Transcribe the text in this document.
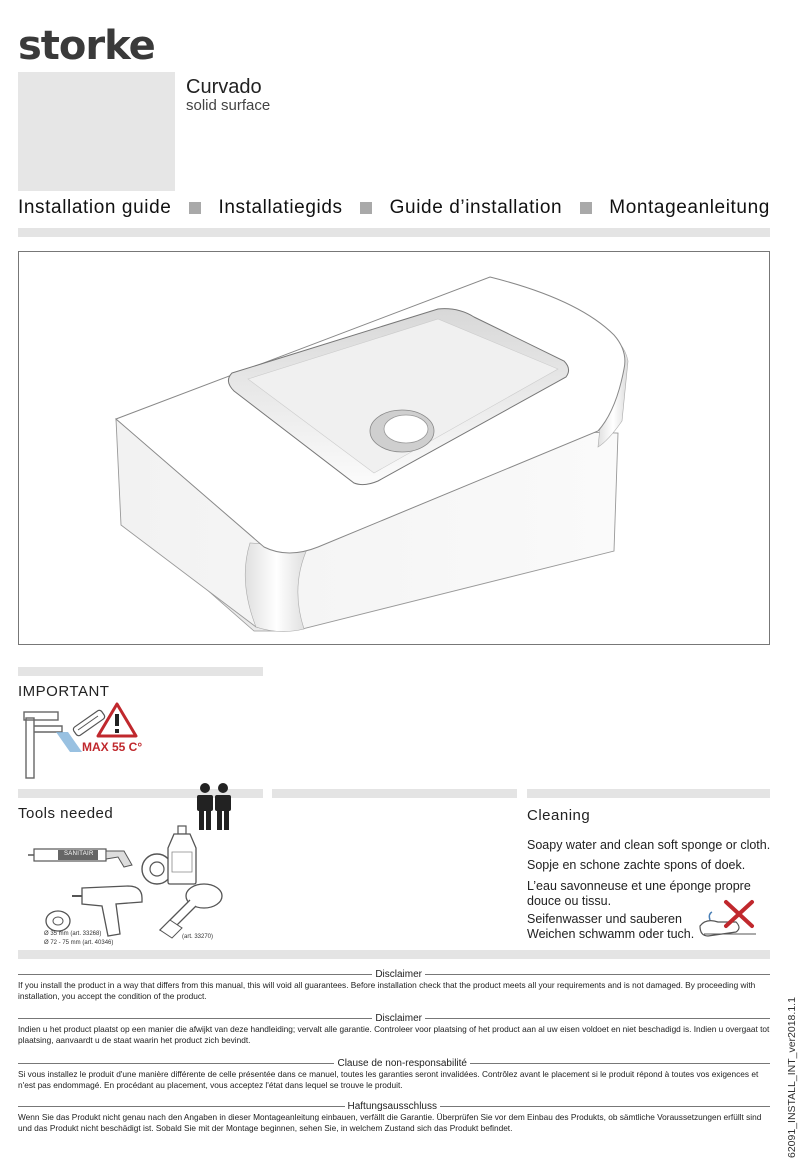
storke
Curvado
solid surface
Installation guide Installatiegids Guide d’installation Montageanleitung
IMPORTANT
MAX 55 C°
Tools needed
SANITAIR
Ø 35 mm (art. 33268)
Ø 72 - 75 mm (art. 40346)
(art. 33270)
Cleaning
Soapy water and clean soft sponge or cloth.
Sopje en schone zachte spons of doek.
L’eau savonneuse et une éponge propre
douce ou tissu.
Seifenwasser und sauberen
Weichen schwamm oder tuch.
Disclaimer
If you install the product in a way that differs from this manual, this will void all guarantees. Before installation check that the product meets all your requirements and is not damaged. By proceeding with installation, you accept the condition of the product.
Disclaimer
Indien u het product plaatst op een manier die afwijkt van deze handleiding; vervalt alle garantie. Controleer voor plaatsing of het product aan al uw eisen voldoet en niet beschadigd is. Indien u overgaat tot plaatsing, aanvaardt u de staat waarin het product zich bevindt.
Clause de non-responsabilité
Si vous installez le produit d'une manière différente de celle présentée dans ce manuel, toutes les garanties seront invalidées. Contrôlez avant le placement si le produit répond à toutes vos exigences et n'est pas endommagé. En procédant au placement, vous acceptez l'état dans lequel se trouve le produit.
Haftungsausschluss
Wenn Sie das Produkt nicht genau nach den Angaben in dieser Montageanleitung einbauen, verfällt die Garantie. Überprüfen Sie vor dem Einbau des Produkts, ob sämtliche Voraussetzungen erfüllt sind und das Produkt nicht beschädigt ist. Sobald Sie mit der Montage beginnen, sehen Sie, in welchem Zustand sich das Produkt befindet.	62091_INSTALL_INT_ver2018.1.1
